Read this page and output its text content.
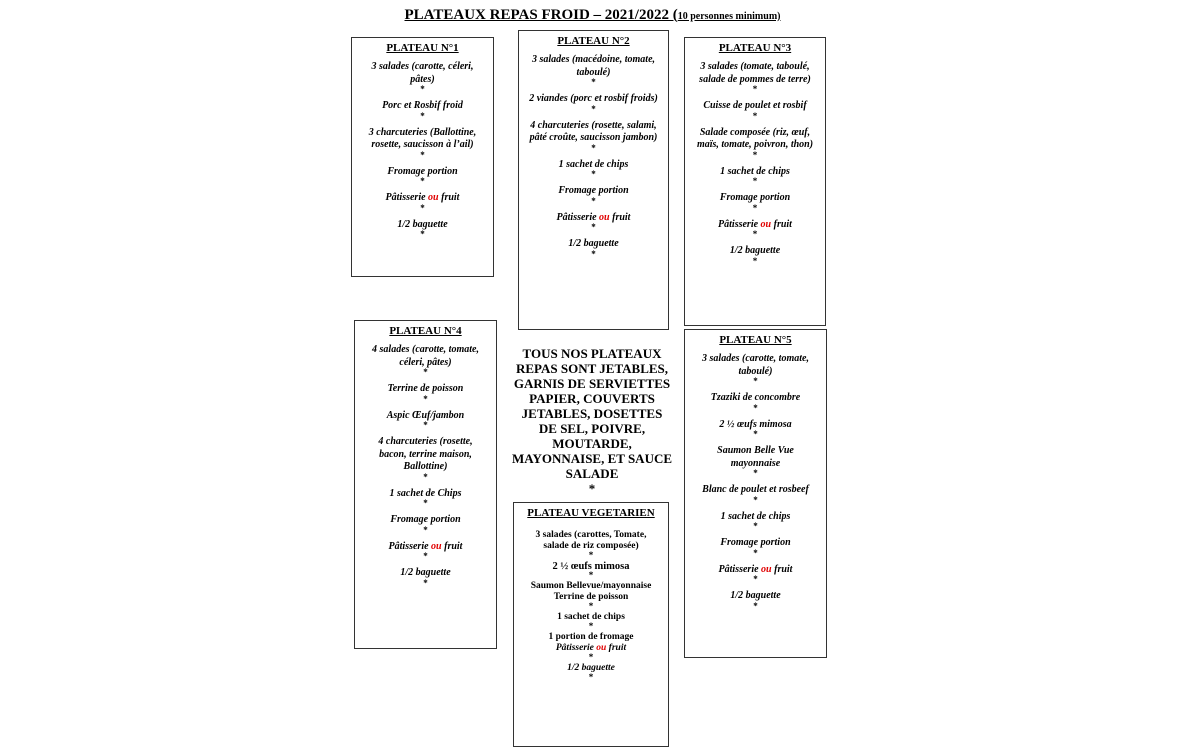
PLATEAUX REPAS FROID – 2021/2022 (10 personnes minimum)
PLATEAU N°1
3 salades (carotte, céleri, pâtes)
*
Porc et Rosbif froid
*
3 charcuteries (Ballottine, rosette, saucisson à l’ail)
*
Fromage portion
*
Pâtisserie ou fruit
*
1/2 baguette
*
PLATEAU N°2
3 salades (macédoine, tomate, taboulé)
*
2 viandes (porc et rosbif froids)
*
4 charcuteries (rosette, salami, pâté croûte, saucisson jambon)
*
1 sachet de chips
*
Fromage portion
*
Pâtisserie ou fruit
*
1/2 baguette
*
PLATEAU N°3
3 salades (tomate, taboulé, salade de pommes de terre)
*
Cuisse de poulet et rosbif
*
Salade composée (riz, œuf, maïs, tomate, poivron, thon)
*
1 sachet de chips
*
Fromage portion
*
Pâtisserie ou fruit
*
1/2 baguette
*
PLATEAU N°4
4 salades (carotte, tomate, céleri, pâtes)
*
Terrine de poisson
*
Aspic Œuf/jambon
*
4 charcuteries (rosette, bacon, terrine maison, Ballottine)
*
1 sachet de Chips
*
Fromage portion
*
Pâtisserie ou fruit
*
1/2 baguette
*
TOUS NOS PLATEAUX REPAS SONT JETABLES, GARNIS DE SERVIETTES PAPIER, COUVERTS JETABLES, DOSETTES DE SEL, POIVRE, MOUTARDE, MAYONNAISE, ET SAUCE SALADE
*
PLATEAU N°5
3 salades (carotte, tomate, taboulé)
*
Tzaziki de concombre
*
2 ½ œufs mimosa
*
Saumon Belle Vue mayonnaise
*
Blanc de poulet et rosbeef
*
1 sachet de chips
*
Fromage portion
*
Pâtisserie ou fruit
*
1/2 baguette
*
PLATEAU VEGETARIEN
3 salades (carottes, Tomate, salade de riz composée)
*
2 ½ œufs mimosa
*
Saumon Bellevue/mayonnaise
Terrine de poisson
*
1 sachet de chips
*
1 portion de fromage
Pâtisserie ou fruit
*
1/2 baguette
*
